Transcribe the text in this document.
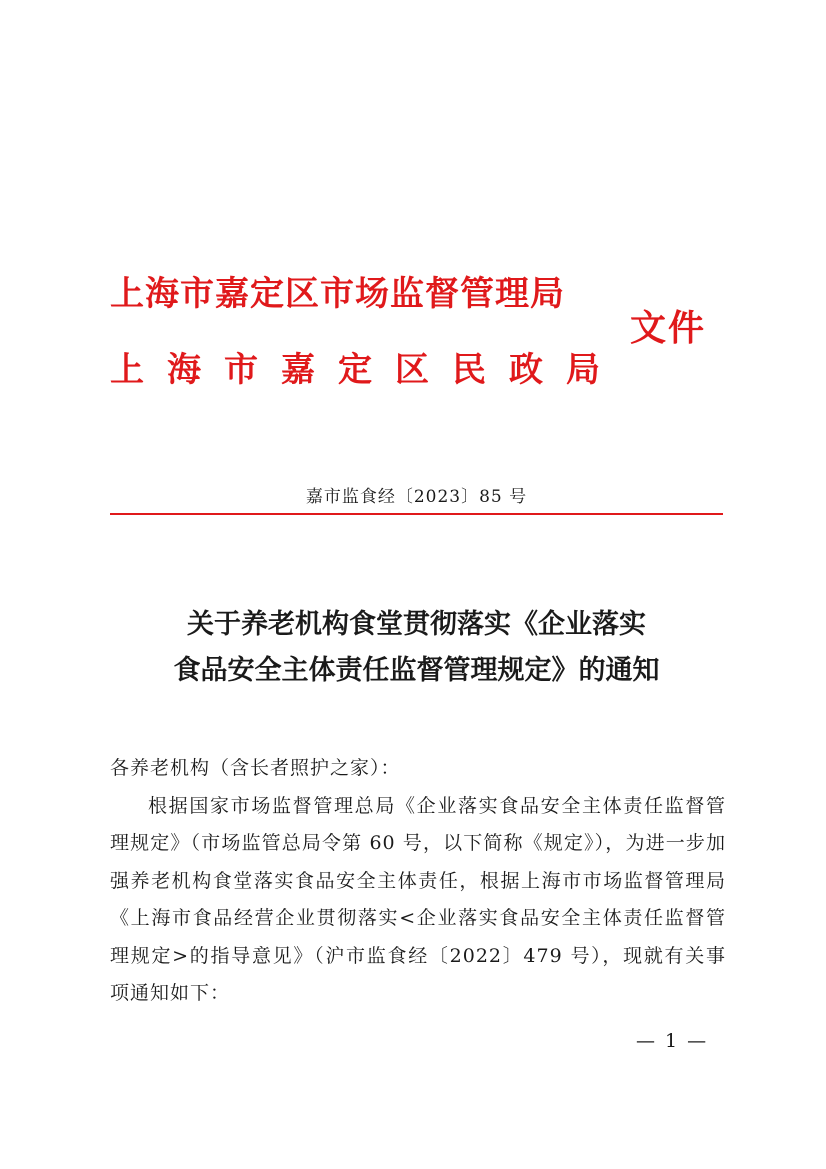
上海市嘉定区市场监督管理局
上海市嘉定区民政局
文件
嘉市监食经〔2023〕85 号
关于养老机构食堂贯彻落实《企业落实
食品安全主体责任监督管理规定》的通知
各养老机构（含长者照护之家）：
根据国家市场监督管理总局《企业落实食品安全主体责任监督管理规定》（市场监管总局令第 60 号，以下简称《规定》），为进一步加强养老机构食堂落实食品安全主体责任，根据上海市市场监督管理局《上海市食品经营企业贯彻落实<企业落实食品安全主体责任监督管理规定>的指导意见》（沪市监食经〔2022〕479 号），现就有关事项通知如下：
— 1 —
